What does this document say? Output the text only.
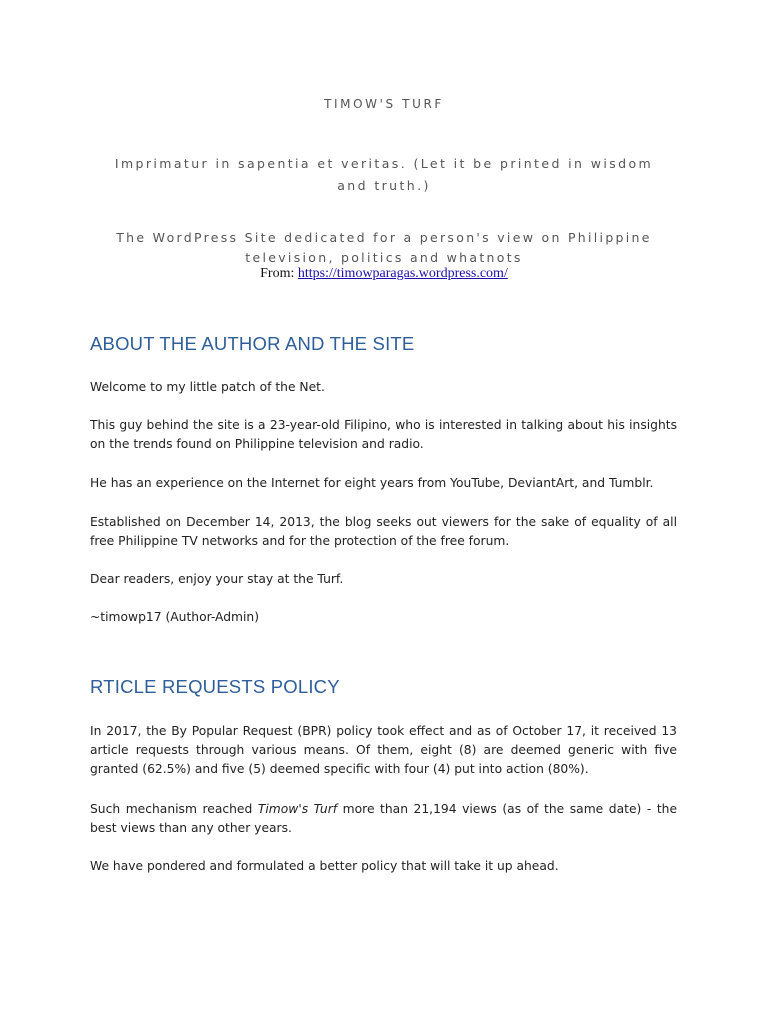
TIMOW'S TURF
Imprimatur in sapentia et veritas. (Let it be printed in wisdom and truth.)
The WordPress Site dedicated for a person's view on Philippine television, politics and whatnots
From: https://timowparagas.wordpress.com/
ABOUT THE AUTHOR AND THE SITE
Welcome to my little patch of the Net.
This guy behind the site is a 23-year-old Filipino, who is interested in talking about his insights on the trends found on Philippine television and radio.
He has an experience on the Internet for eight years from YouTube, DeviantArt, and Tumblr.
Established on December 14, 2013, the blog seeks out viewers for the sake of equality of all free Philippine TV networks and for the protection of the free forum.
Dear readers, enjoy your stay at the Turf.
~timowp17 (Author-Admin)
RTICLE REQUESTS POLICY
In 2017, the By Popular Request (BPR) policy took effect and as of October 17, it received 13 article requests through various means. Of them, eight (8) are deemed generic with five granted (62.5%) and five (5) deemed specific with four (4) put into action (80%).
Such mechanism reached Timow's Turf more than 21,194 views (as of the same date) - the best views than any other years.
We have pondered and formulated a better policy that will take it up ahead.
